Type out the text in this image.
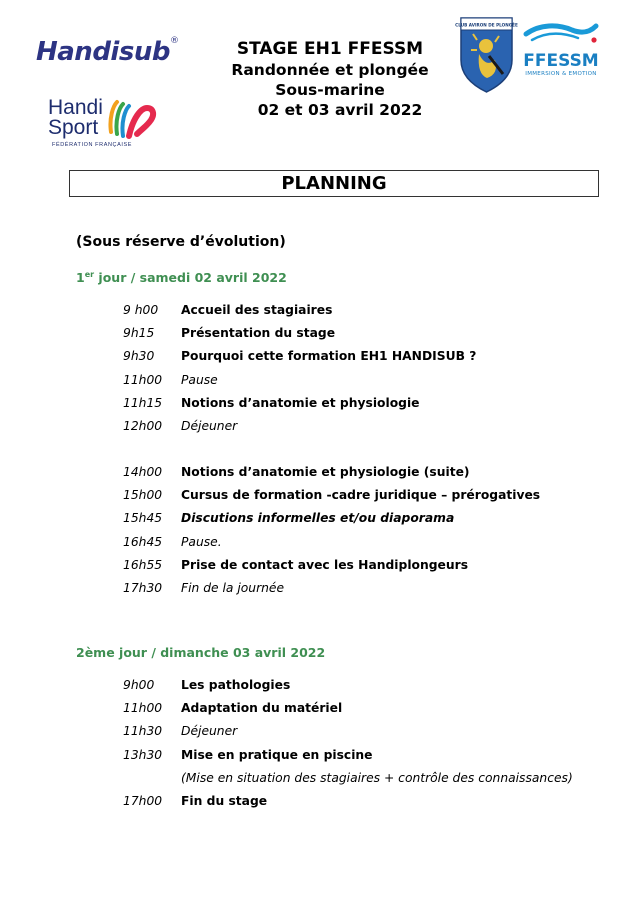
Handisub®
Handi
Sport
FÉDÉRATION FRANÇAISE
STAGE EH1 FFESSM
Randonnée et plongée
Sous-marine
02 et 03 avril 2022
CLUB AVIRON DE PLONGÉE
FFESSM
IMMERSION & EMOTION
PLANNING
(Sous réserve d’évolution)
1er jour / samedi 02 avril 2022
9 h00 Accueil des stagiaires
9h15 Présentation du stage
9h30 Pourquoi cette formation EH1 HANDISUB ?
11h00 Pause
11h15 Notions d’anatomie et physiologie
12h00 Déjeuner
14h00 Notions d’anatomie et physiologie (suite)
15h00 Cursus de formation -cadre juridique – prérogatives
15h45 Discutions informelles et/ou diaporama
16h45 Pause.
16h55 Prise de contact avec les Handiplongeurs
17h30 Fin de la journée
2ème jour / dimanche 03 avril 2022
9h00 Les pathologies
11h00 Adaptation du matériel
11h30 Déjeuner
13h30 Mise en pratique en piscine
(Mise en situation des stagiaires + contrôle des connaissances)
17h00 Fin du stage
